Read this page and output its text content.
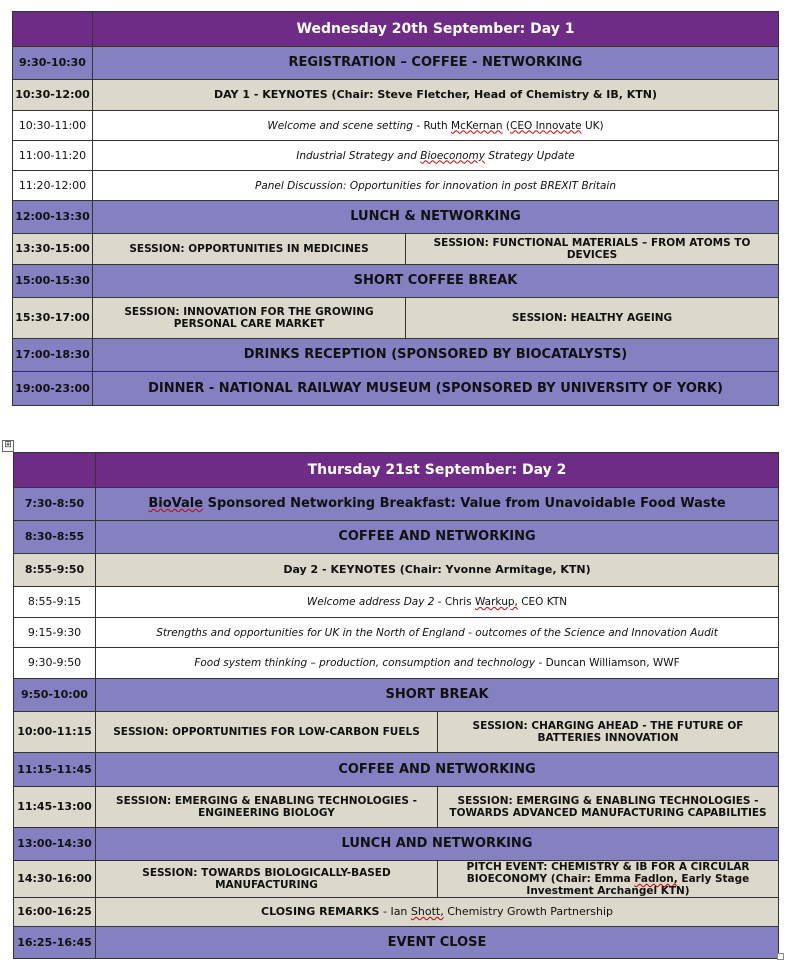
⊞
	Wednesday 20th September: Day 1	
9:30-10:30	REGISTRATION – COFFEE - NETWORKING	
10:30-12:00	DAY 1 - KEYNOTES (Chair: Steve Fletcher, Head of Chemistry & IB, KTN)	
10:30-11:00	Welcome and scene setting - Ruth McKernan (CEO Innovate UK)	
11:00-11:20	Industrial Strategy and Bioeconomy Strategy Update	
11:20-12:00	Panel Discussion: Opportunities for innovation in post BREXIT Britain	
12:00-13:30	LUNCH & NETWORKING	
13:30-15:00	SESSION: OPPORTUNITIES IN MEDICINES	SESSION: FUNCTIONAL MATERIALS – FROM ATOMS TO DEVICES
15:00-15:30	SHORT COFFEE BREAK	
15:30-17:00	SESSION: INNOVATION FOR THE GROWING PERSONAL CARE MARKET	SESSION: HEALTHY AGEING
17:00-18:30	DRINKS RECEPTION (SPONSORED BY BIOCATALYSTS)	
19:00-23:00	DINNER - NATIONAL RAILWAY MUSEUM (SPONSORED BY UNIVERSITY OF YORK)	
	Thursday 21st September: Day 2	
7:30-8:50	BioVale Sponsored Networking Breakfast: Value from Unavoidable Food Waste	
8:30-8:55	COFFEE AND NETWORKING	
8:55-9:50	Day 2 - KEYNOTES (Chair: Yvonne Armitage, KTN)	
8:55-9:15	Welcome address Day 2 - Chris Warkup, CEO KTN	
9:15-9:30	Strengths and opportunities for UK in the North of England - outcomes of the Science and Innovation Audit	
9:30-9:50	Food system thinking – production, consumption and technology - Duncan Williamson, WWF	
9:50-10:00	SHORT BREAK	
10:00-11:15	SESSION: OPPORTUNITIES FOR LOW-CARBON FUELS	SESSION: CHARGING AHEAD - THE FUTURE OF BATTERIES INNOVATION
11:15-11:45	COFFEE AND NETWORKING	
11:45-13:00	SESSION: EMERGING & ENABLING TECHNOLOGIES - ENGINEERING BIOLOGY	SESSION: EMERGING & ENABLING TECHNOLOGIES - TOWARDS ADVANCED MANUFACTURING CAPABILITIES
13:00-14:30	LUNCH AND NETWORKING	
14:30-16:00	SESSION: TOWARDS BIOLOGICALLY-BASED MANUFACTURING	PITCH EVENT: CHEMISTRY & IB FOR A CIRCULAR BIOECONOMY (Chair: Emma Fadlon, Early Stage Investment Archangel KTN)
16:00-16:25	CLOSING REMARKS - Ian Shott, Chemistry Growth Partnership	
16:25-16:45	EVENT CLOSE	
